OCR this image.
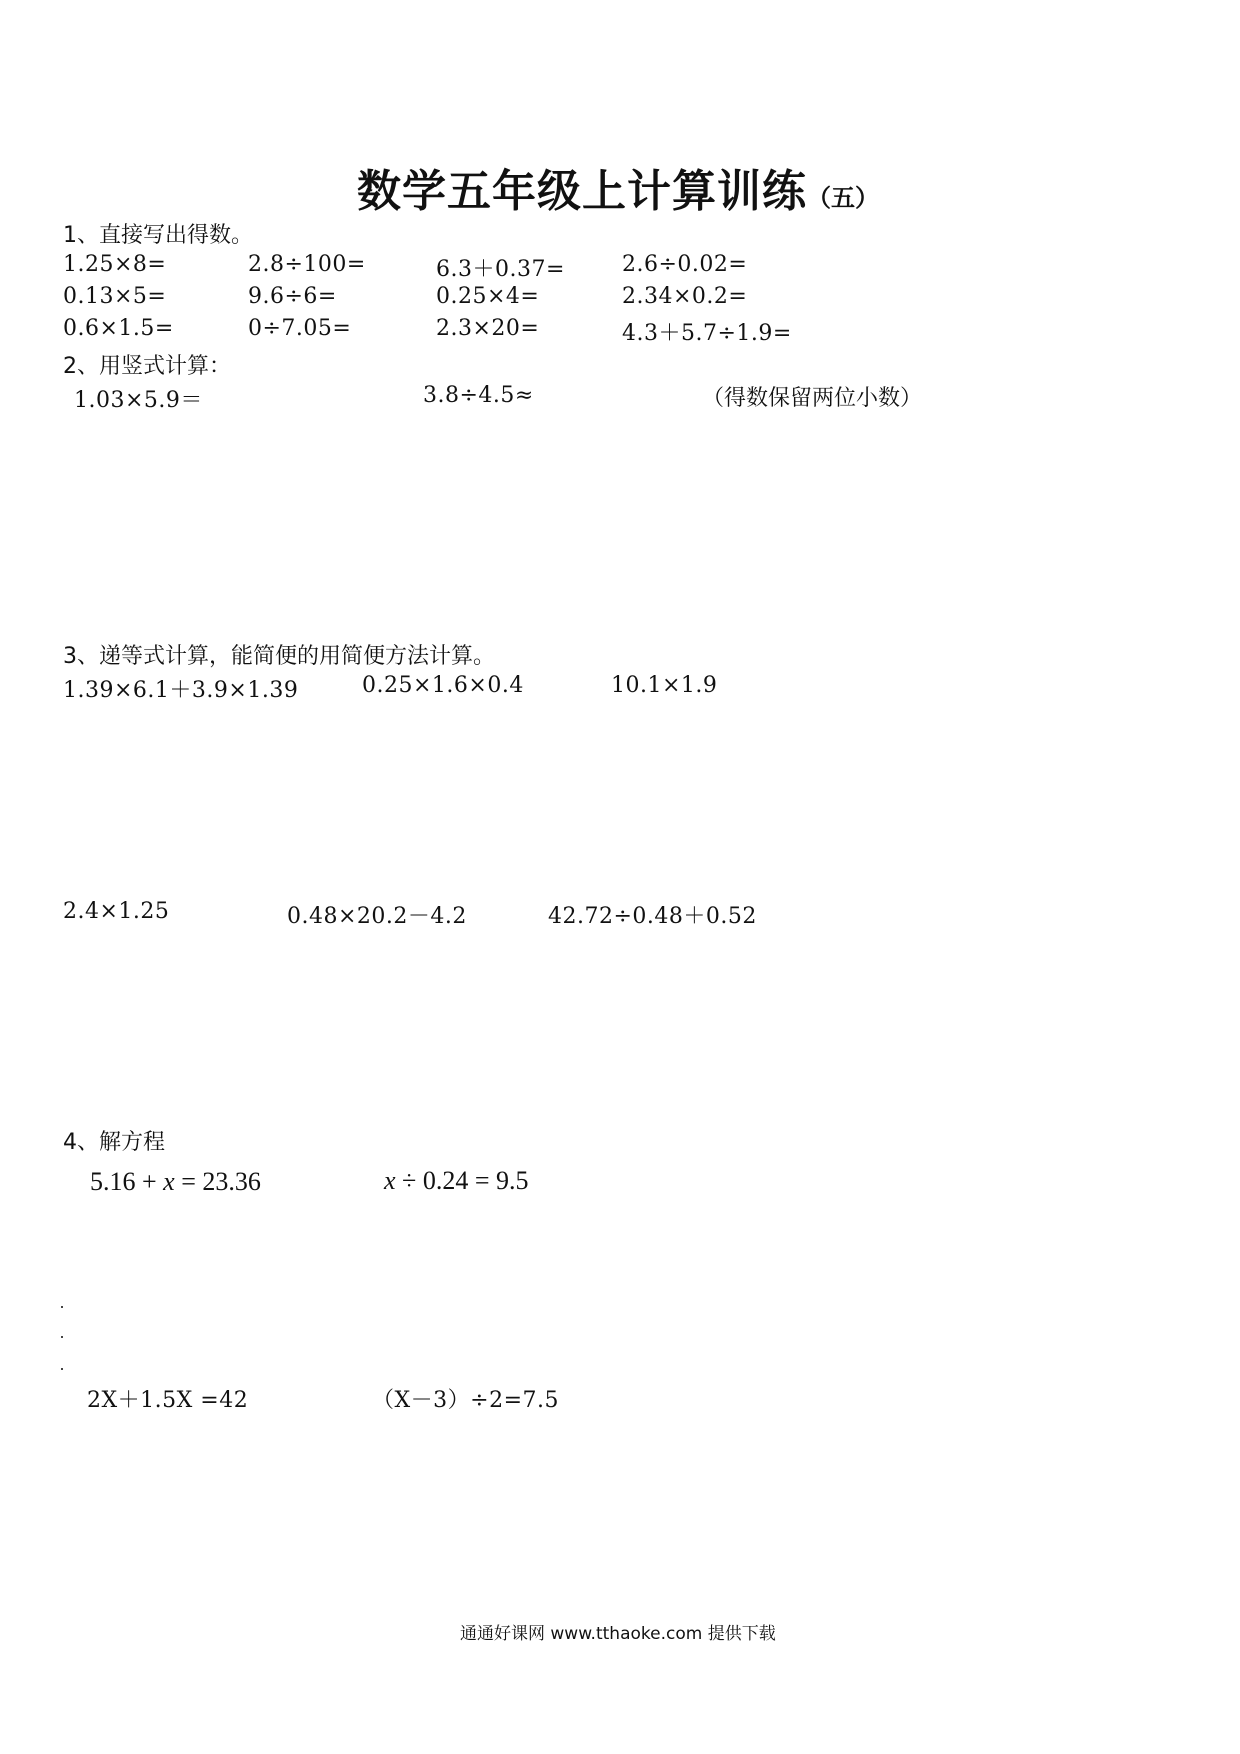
数学五年级上计算训练（五）
1、直接写出得数。
1.25×8=	2.8÷100=	6.3＋0.37=	2.6÷0.02=
0.13×5=	9.6÷6=	0.25×4=	2.34×0.2=
0.6×1.5=	0÷7.05=	2.3×20=	4.3＋5.7÷1.9=
2、用竖式计算：
1.03×5.9＝	3.8÷4.5≈	（得数保留两位小数）
3、递等式计算，能简便的用简便方法计算。
1.39×6.1＋3.9×1.39	0.25×1.6×0.4	10.1×1.9
2.4×1.25	0.48×20.2－4.2	42.72÷0.48＋0.52
4、解方程
5.16 + x = 23.36	x ÷ 0.24 = 9.5
2X＋1.5X =42	（X－3）÷2=7.5
通通好课网 www.tthaoke.com 提供下载
